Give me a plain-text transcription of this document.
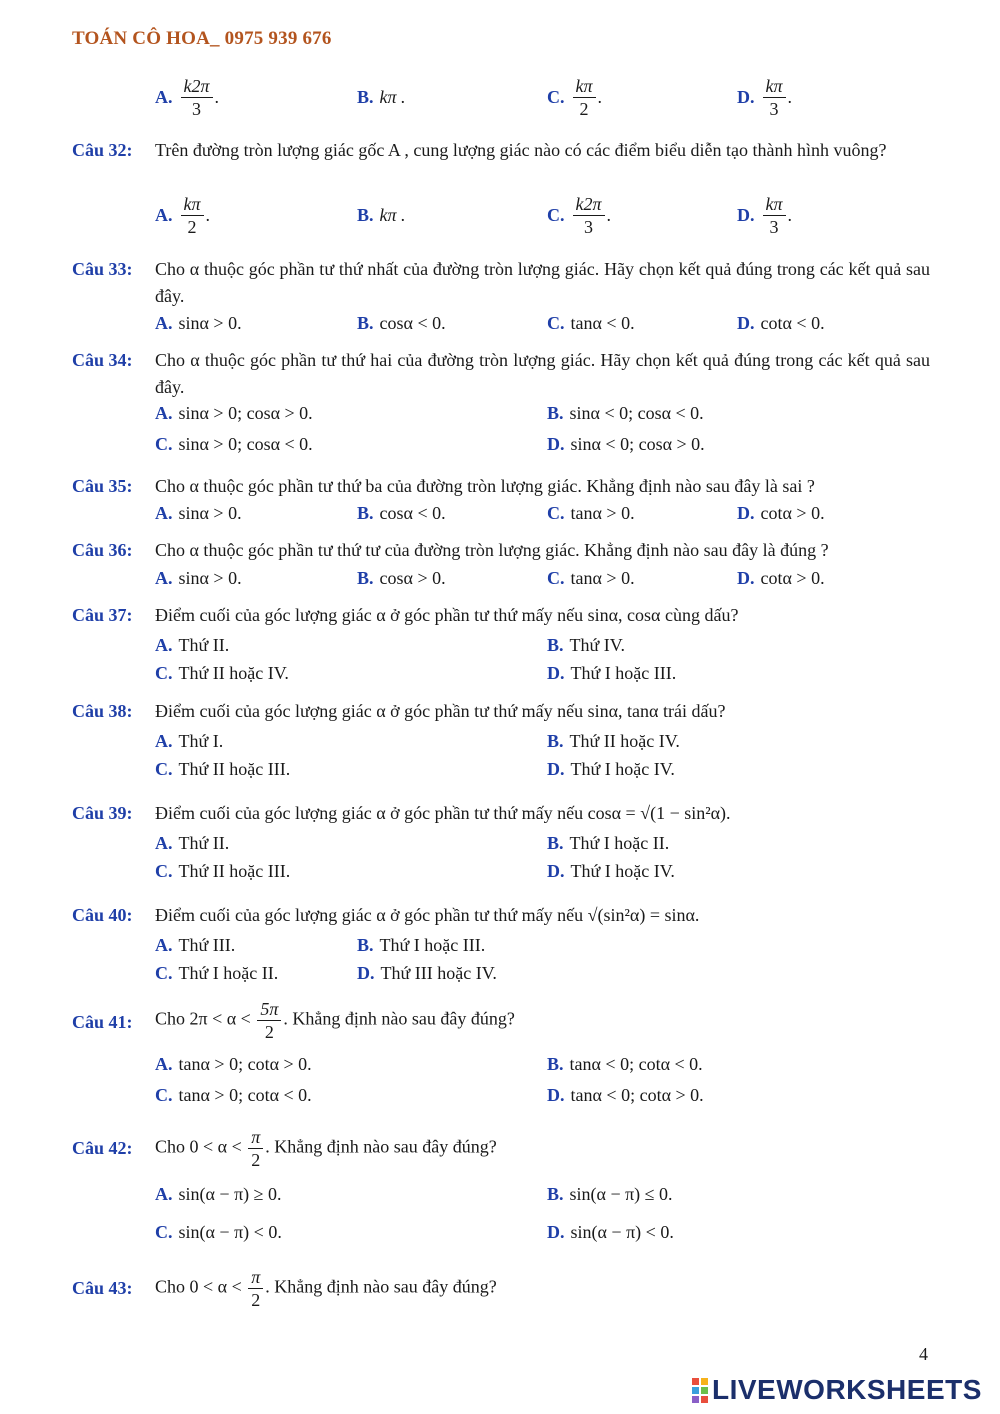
TOÁN CÔ HOA_ 0975 939 676
A. $\frac{k2\pi}{3}$ .	B. kπ .	C. $\frac{k\pi}{2}$ .	D. $\frac{k\pi}{3}$ .
Câu 32: Trên đường tròn lượng giác gốc A , cung lượng giác nào có các điểm biểu diễn tạo thành hình vuông?
A. $\frac{k\pi}{2}$ .	B. kπ .	C. $\frac{k2\pi}{3}$ .	D. $\frac{k\pi}{3}$ .
Câu 33: Cho α thuộc góc phần tư thứ nhất của đường tròn lượng giác. Hãy chọn kết quả đúng trong các kết quả sau đây.
A. sinα > 0.	B. cosα < 0.	C. tanα < 0.	D. cotα < 0.
Câu 34: Cho α thuộc góc phần tư thứ hai của đường tròn lượng giác. Hãy chọn kết quả đúng trong các kết quả sau đây.
A. sinα > 0; cosα > 0.	B. sinα < 0; cosα < 0.
C. sinα > 0; cosα < 0.	D. sinα < 0; cosα > 0.
Câu 35: Cho α thuộc góc phần tư thứ ba của đường tròn lượng giác. Khẳng định nào sau đây là sai ?
A. sinα > 0.	B. cosα < 0.	C. tanα > 0.	D. cotα > 0.
Câu 36: Cho α thuộc góc phần tư thứ tư của đường tròn lượng giác. Khẳng định nào sau đây là đúng ?
A. sinα > 0.	B. cosα > 0.	C. tanα > 0.	D. cotα > 0.
Câu 37: Điểm cuối của góc lượng giác α ở góc phần tư thứ mấy nếu sinα, cosα cùng dấu?
A. Thứ II.	B. Thứ IV.
C. Thứ II hoặc IV.	D. Thứ I hoặc III.
Câu 38: Điểm cuối của góc lượng giác α ở góc phần tư thứ mấy nếu sinα, tanα trái dấu?
A. Thứ I.	B. Thứ II hoặc IV.
C. Thứ II hoặc III.	D. Thứ I hoặc IV.
Câu 39: Điểm cuối của góc lượng giác α ở góc phần tư thứ mấy nếu cosα = √(1 − sin²α).
A. Thứ II.	B. Thứ I hoặc II.
C. Thứ II hoặc III.	D. Thứ I hoặc IV.
Câu 40: Điểm cuối của góc lượng giác α ở góc phần tư thứ mấy nếu √(sin²α) = sinα.
A. Thứ III.	B. Thứ I hoặc III.
C. Thứ I hoặc II.	D. Thứ III hoặc IV.
Câu 41: Cho $2\pi < \alpha < \frac{5\pi}{2}$ . Khẳng định nào sau đây đúng?
A. tanα > 0; cotα > 0.	B. tanα < 0; cotα < 0.
C. tanα > 0; cotα < 0.	D. tanα < 0; cotα > 0.
Câu 42: Cho $0 < \alpha < \frac{\pi}{2}$ . Khẳng định nào sau đây đúng?
A. sin(α − π) ≥ 0.	B. sin(α − π) ≤ 0.
C. sin(α − π) < 0.	D. sin(α − π) < 0.
Câu 43: Cho $0 < \alpha < \frac{\pi}{2}$ . Khẳng định nào sau đây đúng?
4
LIVEWORKSHEETS
